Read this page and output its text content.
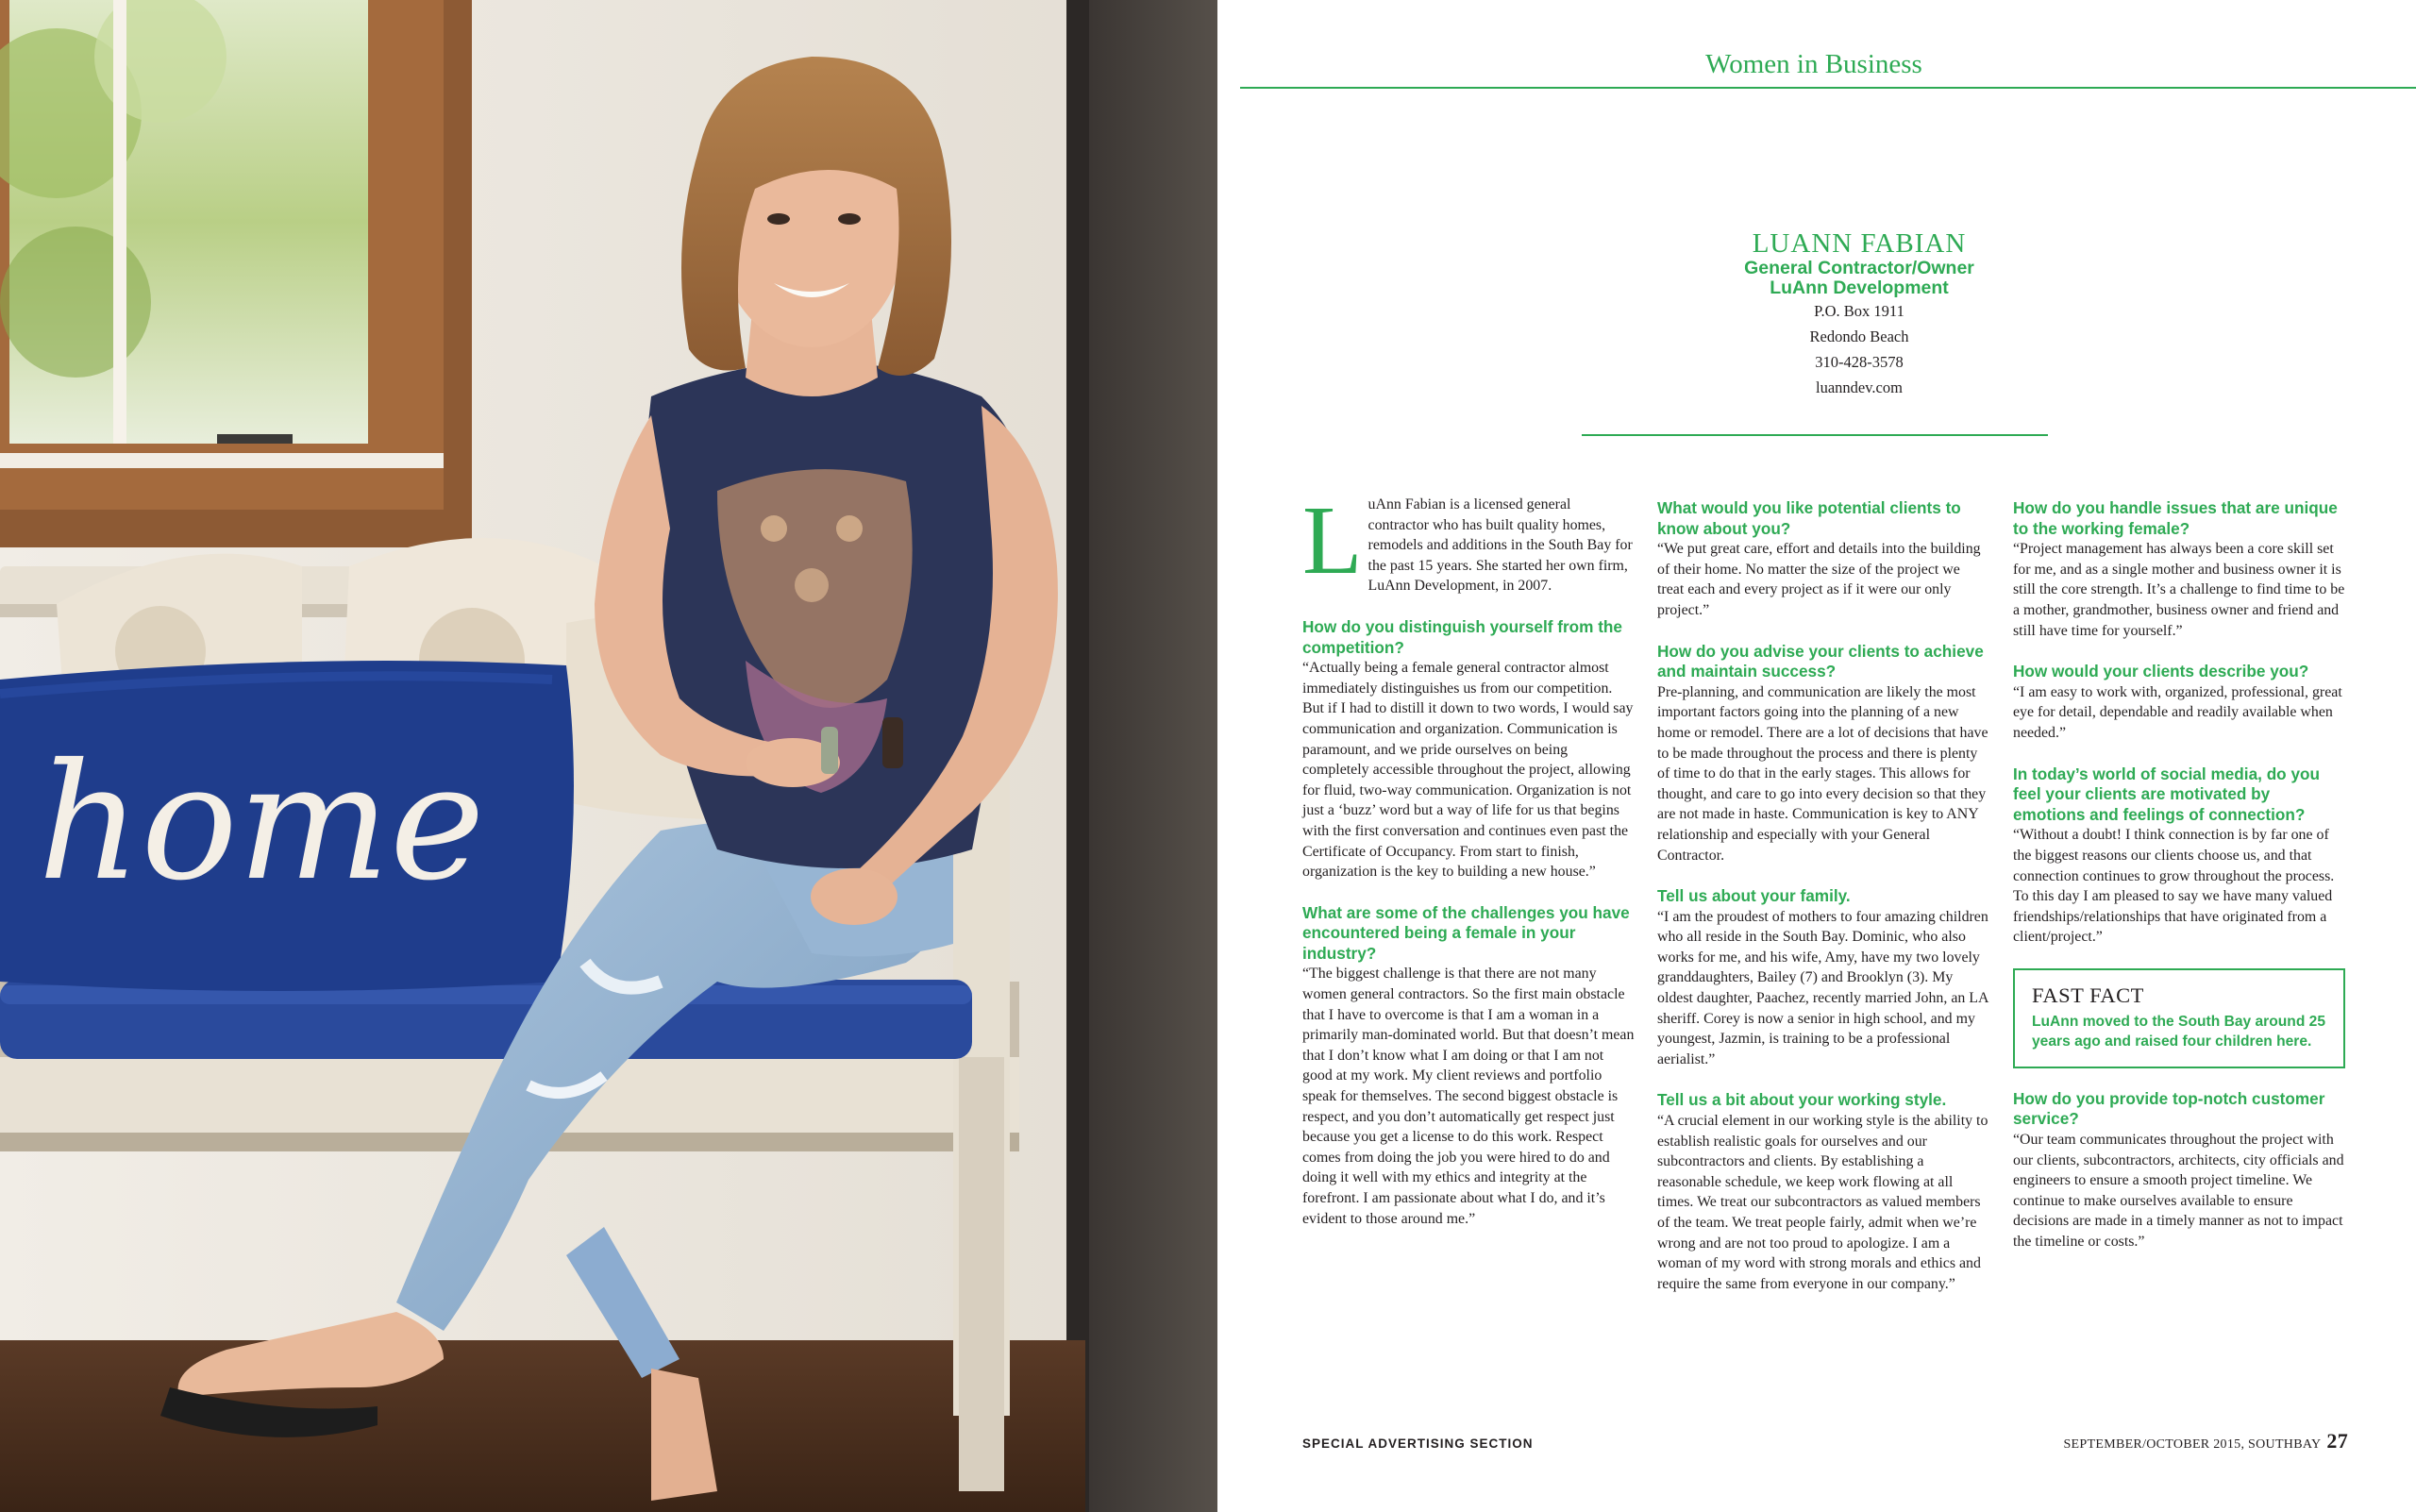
home
Women in Business
LUANN FABIAN
General Contractor/Owner
LuAnn Development
P.O. Box 1911
Redondo Beach
310-428-3578
luanndev.com

LuAnn Fabian is a licensed general contractor who has built quality homes, remodels and additions in the South Bay for the past 15 years. She started her own firm, LuAnn Development, in 2007.

How do you distinguish yourself from the competition?

“Actually being a female general contractor almost immediately distinguishes us from our competition. But if I had to distill it down to two words, I would say communication and organization. Communication is paramount, and we pride ourselves on being completely accessible throughout the project, allowing for fluid, two-way communication. Organization is not just a ‘buzz’ word but a way of life for us that begins with the first conversation and continues even past the Certificate of Occupancy. From start to finish, organization is the key to building a new house.”

What are some of the challenges you have encountered being a female in your industry?

“The biggest challenge is that there are not many women general contractors. So the first main obstacle that I have to overcome is that I am a woman in a primarily man-dominated world. But that doesn’t mean that I don’t know what I am doing or that I am not good at my work. My client reviews and portfolio speak for themselves. The second biggest obstacle is respect, and you don’t automatically get respect just because you get a license to do this work. Respect comes from doing the job you were hired to do and doing it well with my ethics and integrity at the forefront. I am passionate about what I do, and it’s evident to those around me.”

What would you like potential clients to know about you?

“We put great care, effort and details into the building of their home. No matter the size of the project we treat each and every project as if it were our only project.”

How do you advise your clients to achieve and maintain success?

Pre-planning, and communication are likely the most important factors going into the planning of a new home or remodel. There are a lot of decisions that have to be made throughout the process and there is plenty of time to do that in the early stages. This allows for thought, and care to go into every decision so that they are not made in haste. Communication is key to ANY relationship and especially with your General Contractor.

Tell us about your family.

“I am the proudest of mothers to four amazing children who all reside in the South Bay. Dominic, who also works for me, and his wife, Amy, have my two lovely granddaughters, Bailey (7) and Brooklyn (3). My oldest daughter, Paachez, recently married John, an LA sheriff. Corey is now a senior in high school, and my youngest, Jazmin, is training to be a professional aerialist.”

Tell us a bit about your working style.

“A crucial element in our working style is the ability to establish realistic goals for ourselves and our subcontractors and clients. By establishing a reasonable schedule, we keep work flowing at all times. We treat our subcontractors as valued members of the team. We treat people fairly, admit when we’re wrong and are not too proud to apologize. I am a woman of my word with strong morals and ethics and require the same from everyone in our company.”

How do you handle issues that are unique to the working female?

“Project management has always been a core skill set for me, and as a single mother and business owner it is still the core strength. It’s a challenge to find time to be a mother, grandmother, business owner and friend and still have time for yourself.”

How would your clients describe you?

“I am easy to work with, organized, professional, great eye for detail, dependable and readily available when needed.”

In today’s world of social media, do you feel your clients are motivated by emotions and feelings of connection?

“Without a doubt! I think connection is by far one of the biggest reasons our clients choose us, and that connection continues to grow throughout the process. To this day I am pleased to say we have many valued friendships/relationships that have originated from a client/project.”

FAST FACT
LuAnn moved to the South Bay around 25 years ago and raised four children here.
How do you provide top-notch customer service?

“Our team communicates throughout the project with our clients, subcontractors, architects, city officials and engineers to ensure a smooth project timeline. We continue to make ourselves available to ensure decisions are made in a timely manner as not to impact the timeline or costs.”

SPECIAL ADVERTISING SECTION	SEPTEMBER/OCTOBER 2015, SOUTHBAY 27
